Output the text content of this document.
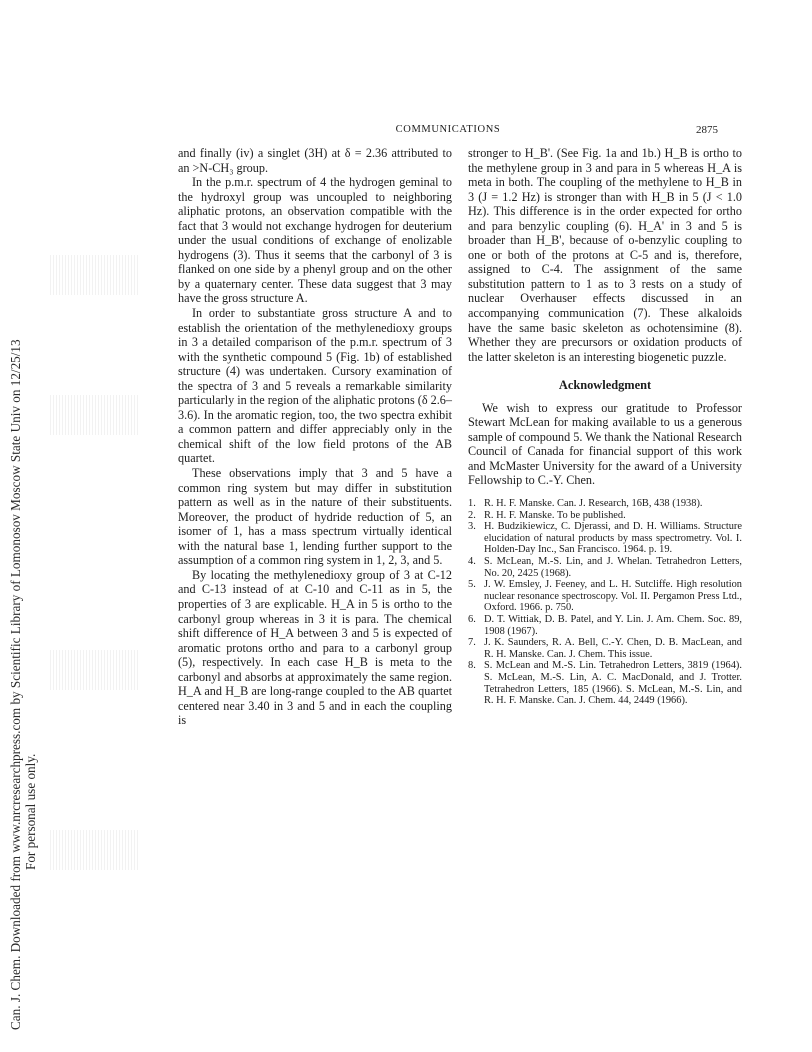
Can. J. Chem. Downloaded from www.nrcresearchpress.com by Scientific Library of Lomonosov Moscow State Univ on 12/25/13 For personal use only.
COMMUNICATIONS	2875

and finally (iv) a singlet (3H) at δ = 2.36 attributed to an >N-CH₃ group.

In the p.m.r. spectrum of 4 the hydrogen geminal to the hydroxyl group was uncoupled to neighboring aliphatic protons, an observation compatible with the fact that 3 would not exchange hydrogen for deuterium under the usual conditions of exchange of enolizable hydrogens (3). Thus it seems that the carbonyl of 3 is flanked on one side by a phenyl group and on the other by a quaternary center. These data suggest that 3 may have the gross structure A.

In order to substantiate gross structure A and to establish the orientation of the methylenedioxy groups in 3 a detailed comparison of the p.m.r. spectrum of 3 with the synthetic compound 5 (Fig. 1b) of established structure (4) was undertaken. Cursory examination of the spectra of 3 and 5 reveals a remarkable similarity particularly in the region of the aliphatic protons (δ 2.6–3.6). In the aromatic region, too, the two spectra exhibit a common pattern and differ appreciably only in the chemical shift of the low field protons of the AB quartet.

These observations imply that 3 and 5 have a common ring system but may differ in substitution pattern as well as in the nature of their substituents. Moreover, the product of hydride reduction of 5, an isomer of 1, has a mass spectrum virtually identical with the natural base 1, lending further support to the assumption of a common ring system in 1, 2, 3, and 5.

By locating the methylenedioxy group of 3 at C-12 and C-13 instead of at C-10 and C-11 as in 5, the properties of 3 are explicable. H_A in 5 is ortho to the carbonyl group whereas in 3 it is para. The chemical shift difference of H_A between 3 and 5 is expected of aromatic protons ortho and para to a carbonyl group (5), respectively. In each case H_B is meta to the carbonyl and absorbs at approximately the same region. H_A and H_B are long-range coupled to the AB quartet centered near 3.40 in 3 and 5 and in each the coupling is

stronger to H_B'. (See Fig. 1a and 1b.) H_B is ortho to the methylene group in 3 and para in 5 whereas H_A is meta in both. The coupling of the methylene to H_B in 3 (J = 1.2 Hz) is stronger than with H_B in 5 (J < 1.0 Hz). This difference is in the order expected for ortho and para benzylic coupling (6). H_A' in 3 and 5 is broader than H_B', because of o-benzylic coupling to one or both of the protons at C-5 and is, therefore, assigned to C-4. The assignment of the same substitution pattern to 1 as to 3 rests on a study of nuclear Overhauser effects discussed in an accompanying communication (7). These alkaloids have the same basic skeleton as ochotensimine (8). Whether they are precursors or oxidation products of the latter skeleton is an interesting biogenetic puzzle.

Acknowledgment

We wish to express our gratitude to Professor Stewart McLean for making available to us a generous sample of compound 5. We thank the National Research Council of Canada for financial support of this work and McMaster University for the award of a University Fellowship to C.-Y. Chen.

1. R. H. F. Manske. Can. J. Research, 16B, 438 (1938).
2. R. H. F. Manske. To be published.
3. H. Budzikiewicz, C. Djerassi, and D. H. Williams. Structure elucidation of natural products by mass spectrometry. Vol. I. Holden-Day Inc., San Francisco. 1964. p. 19.
4. S. McLean, M.-S. Lin, and J. Whelan. Tetrahedron Letters, No. 20, 2425 (1968).
5. J. W. Emsley, J. Feeney, and L. H. Sutcliffe. High resolution nuclear resonance spectroscopy. Vol. II. Pergamon Press Ltd., Oxford. 1966. p. 750.
6. D. T. Wittiak, D. B. Patel, and Y. Lin. J. Am. Chem. Soc. 89, 1908 (1967).
7. J. K. Saunders, R. A. Bell, C.-Y. Chen, D. B. MacLean, and R. H. Manske. Can. J. Chem. This issue.
8. S. McLean and M.-S. Lin. Tetrahedron Letters, 3819 (1964). S. McLean, M.-S. Lin, A. C. MacDonald, and J. Trotter. Tetrahedron Letters, 185 (1966). S. McLean, M.-S. Lin, and R. H. F. Manske. Can. J. Chem. 44, 2449 (1966).
